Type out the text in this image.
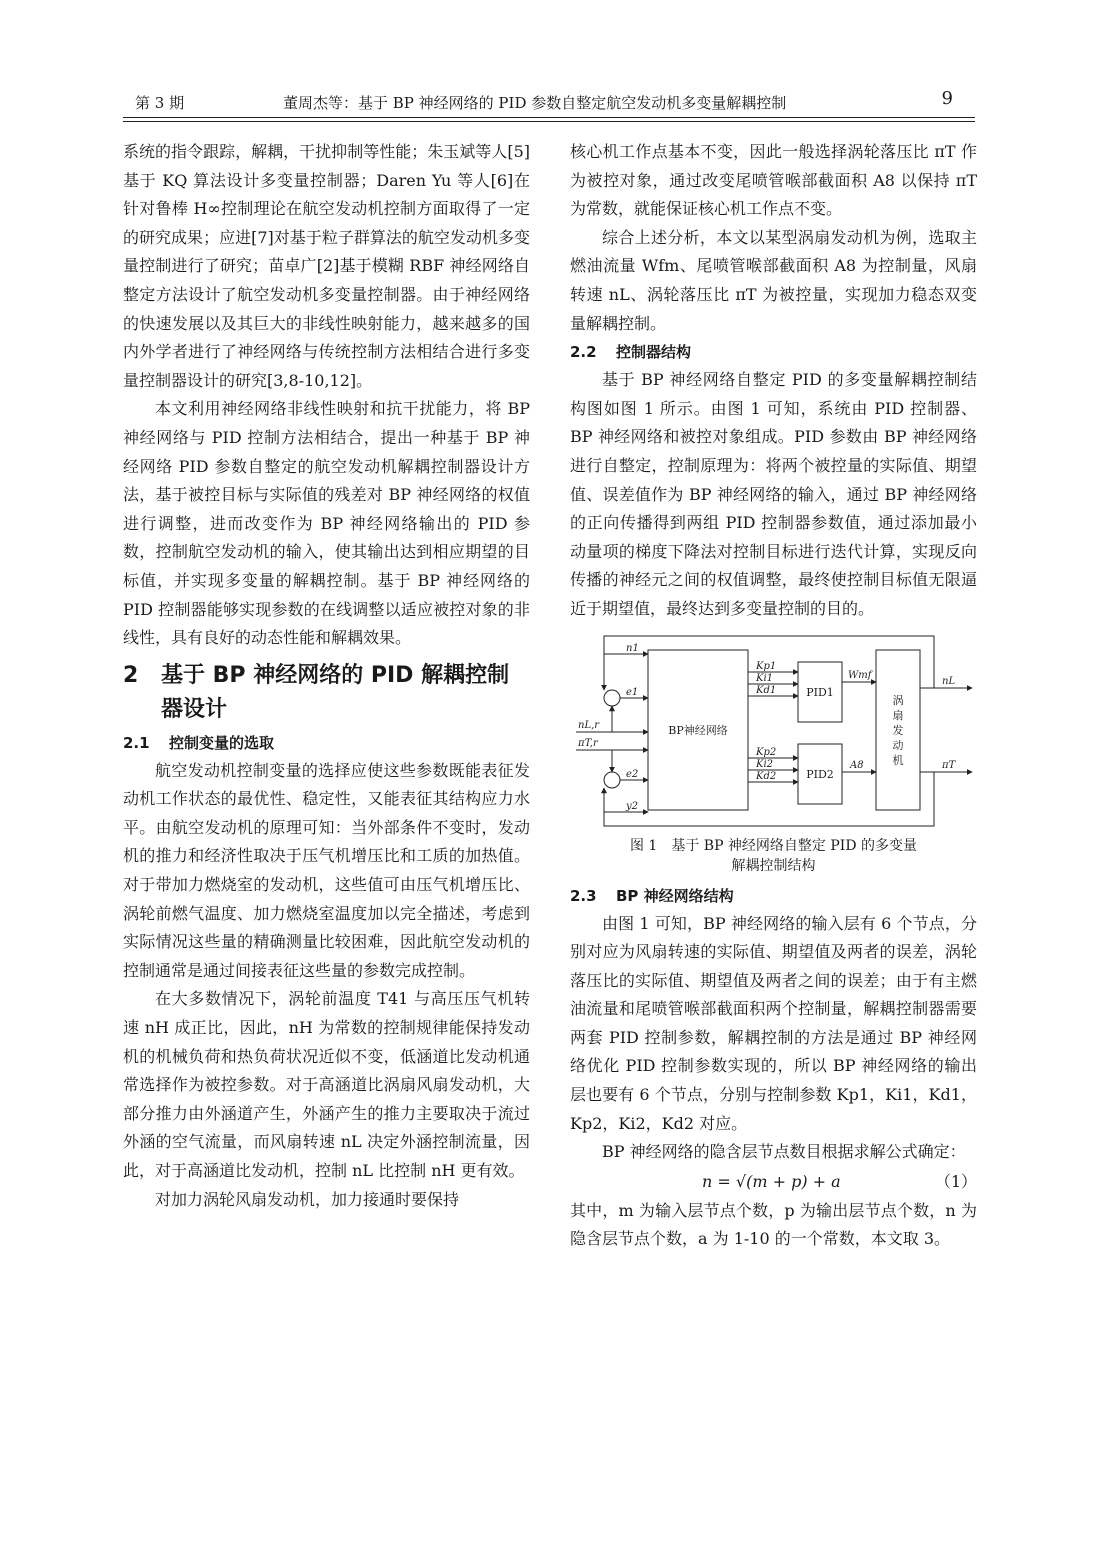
第 3 期	董周杰等：基于 BP 神经网络的 PID 参数自整定航空发动机多变量解耦控制	9

系统的指令跟踪，解耦，干扰抑制等性能；朱玉斌等人[5]基于 KQ 算法设计多变量控制器；Daren Yu 等人[6]在针对鲁棒 H∞控制理论在航空发动机控制方面取得了一定的研究成果；应进[7]对基于粒子群算法的航空发动机多变量控制进行了研究；苗卓广[2]基于模糊 RBF 神经网络自整定方法设计了航空发动机多变量控制器。由于神经网络的快速发展以及其巨大的非线性映射能力，越来越多的国内外学者进行了神经网络与传统控制方法相结合进行多变量控制器设计的研究[3,8-10,12]。

本文利用神经网络非线性映射和抗干扰能力，将 BP 神经网络与 PID 控制方法相结合，提出一种基于 BP 神经网络 PID 参数自整定的航空发动机解耦控制器设计方法，基于被控目标与实际值的残差对 BP 神经网络的权值进行调整，进而改变作为 BP 神经网络输出的 PID 参数，控制航空发动机的输入，使其输出达到相应期望的目标值，并实现多变量的解耦控制。基于 BP 神经网络的 PID 控制器能够实现参数的在线调整以适应被控对象的非线性，具有良好的动态性能和解耦效果。

2	基于 BP 神经网络的 PID 解耦控制器设计
2.1 控制变量的选取

航空发动机控制变量的选择应使这些参数既能表征发动机工作状态的最优性、稳定性，又能表征其结构应力水平。由航空发动机的原理可知：当外部条件不变时，发动机的推力和经济性取决于压气机增压比和工质的加热值。对于带加力燃烧室的发动机，这些值可由压气机增压比、涡轮前燃气温度、加力燃烧室温度加以完全描述，考虑到实际情况这些量的精确测量比较困难，因此航空发动机的控制通常是通过间接表征这些量的参数完成控制。

在大多数情况下，涡轮前温度 T41 与高压压气机转速 nH 成正比，因此，nH 为常数的控制规律能保持发动机的机械负荷和热负荷状况近似不变，低涵道比发动机通常选择作为被控参数。对于高涵道比涡扇风扇发动机，大部分推力由外涵道产生，外涵产生的推力主要取决于流过外涵的空气流量，而风扇转速 nL 决定外涵控制流量，因此，对于高涵道比发动机，控制 nL 比控制 nH 更有效。

对加力涡轮风扇发动机，加力接通时要保持

核心机工作点基本不变，因此一般选择涡轮落压比 πT 作为被控对象，通过改变尾喷管喉部截面积 A8 以保持 πT 为常数，就能保证核心机工作点不变。

综合上述分析，本文以某型涡扇发动机为例，选取主燃油流量 Wfm、尾喷管喉部截面积 A8 为控制量，风扇转速 nL、涡轮落压比 πT 为被控量，实现加力稳态双变量解耦控制。

2.2 控制器结构

基于 BP 神经网络自整定 PID 的多变量解耦控制结构图如图 1 所示。由图 1 可知，系统由 PID 控制器、BP 神经网络和被控对象组成。PID 参数由 BP 神经网络进行自整定，控制原理为：将两个被控量的实际值、期望值、误差值作为 BP 神经网络的输入，通过 BP 神经网络的正向传播得到两组 PID 控制器参数值，通过添加最小动量项的梯度下降法对控制目标进行迭代计算，实现反向传播的神经元之间的权值调整，最终使控制目标值无限逼近于期望值，最终达到多变量控制的目的。

n1
e1
nL,r
πT,r
e2
y2
Kp1
Ki1
Kd1
Kp2
Ki2
Kd2
Wmf
A8
nL
πT
BP神经网络
PID1
PID2
涡扇发动机
图 1　基于 BP 神经网络自整定 PID 的多变量
解耦控制结构
2.3 BP 神经网络结构

由图 1 可知，BP 神经网络的输入层有 6 个节点，分别对应为风扇转速的实际值、期望值及两者的误差，涡轮落压比的实际值、期望值及两者之间的误差；由于有主燃油流量和尾喷管喉部截面积两个控制量，解耦控制器需要两套 PID 控制参数，解耦控制的方法是通过 BP 神经网络优化 PID 控制参数实现的，所以 BP 神经网络的输出层也要有 6 个节点，分别与控制参数 Kp1，Ki1，Kd1，Kp2，Ki2，Kd2 对应。

BP 神经网络的隐含层节点数目根据求解公式确定：

n = √(m + p) + a	（1）

其中，m 为输入层节点个数，p 为输出层节点个数，n 为隐含层节点个数，a 为 1-10 的一个常数，本文取 3。
